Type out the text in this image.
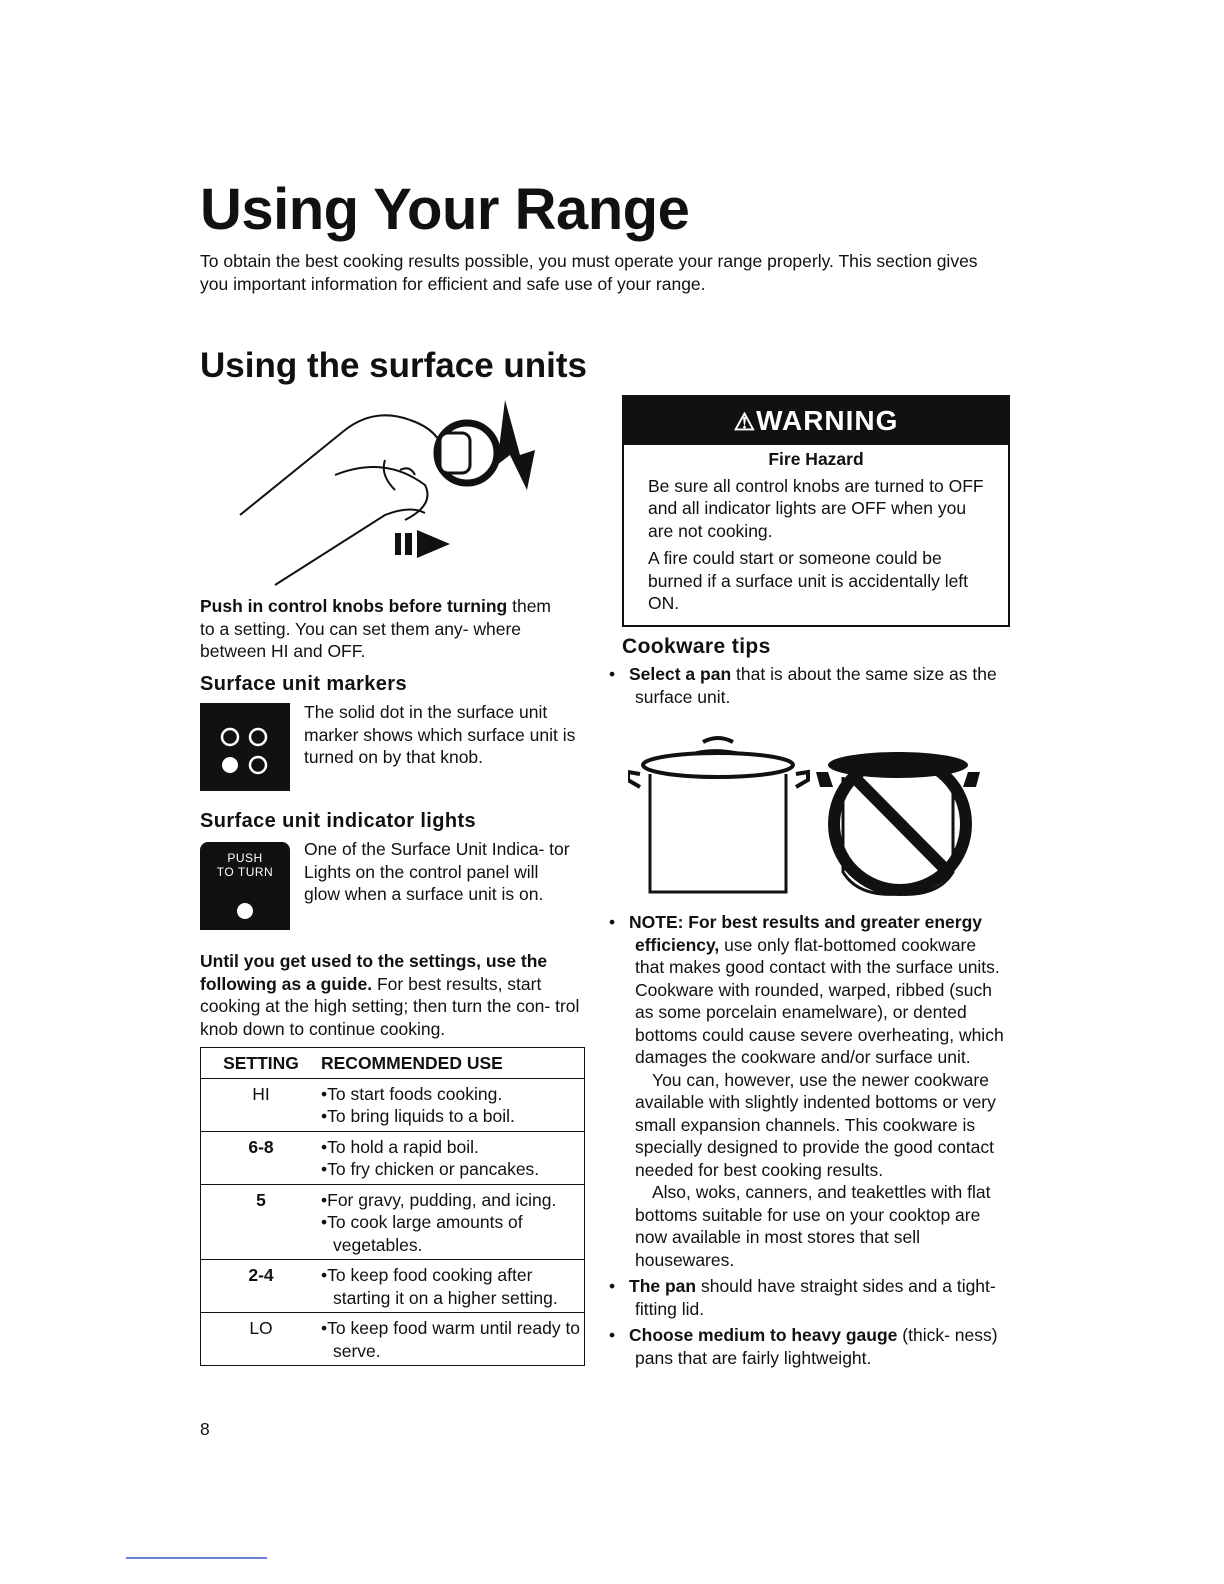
Using Your Range

To obtain the best cooking results possible, you must operate your range properly. This section gives you important information for efficient and safe use of your range.

Using the surface units

Push in control knobs before turning them to a setting. You can set them any- where between HI and OFF.

Surface unit markers

The solid dot in the surface unit marker shows which surface unit is turned on by that knob.

Surface unit indicator lights
PUSH
TO TURN

One of the Surface Unit Indica- tor Lights on the control panel will glow when a surface unit is on.

Until you get used to the settings, use the following as a guide. For best results, start cooking at the high setting; then turn the con- trol knob down to continue cooking.

SETTING	RECOMMENDED USE
HI	•To start foods cooking.
•To bring liquids to a boil.

6-8	•To hold a rapid boil.
•To fry chicken or pancakes.

5	•For gravy, pudding, and icing.
•To cook large amounts of vegetables.

2-4	•To keep food cooking after starting it on a higher setting.

LO	•To keep food warm until ready to serve.
8
⚠WARNING
Fire Hazard

Be sure all control knobs are turned to OFF and all indicator lights are OFF when you are not cooking.

A fire could start or someone could be burned if a surface unit is accidentally left ON.

Cookware tips
• Select a pan that is about the same size as the surface unit.
• NOTE: For best results and greater energy efficiency, use only flat-bottomed cookware that makes good contact with the surface units. Cookware with rounded, warped, ribbed (such as some porcelain enamelware), or dented bottoms could cause severe overheating, which damages the cookware and/or surface unit.
You can, however, use the newer cookware available with slightly indented bottoms or very small expansion channels. This cookware is specially designed to provide the good contact needed for best cooking results.
Also, woks, canners, and teakettles with flat bottoms suitable for use on your cooktop are now available in most stores that sell housewares.
• The pan should have straight sides and a tight-fitting lid.
• Choose medium to heavy gauge (thick- ness) pans that are fairly lightweight.
